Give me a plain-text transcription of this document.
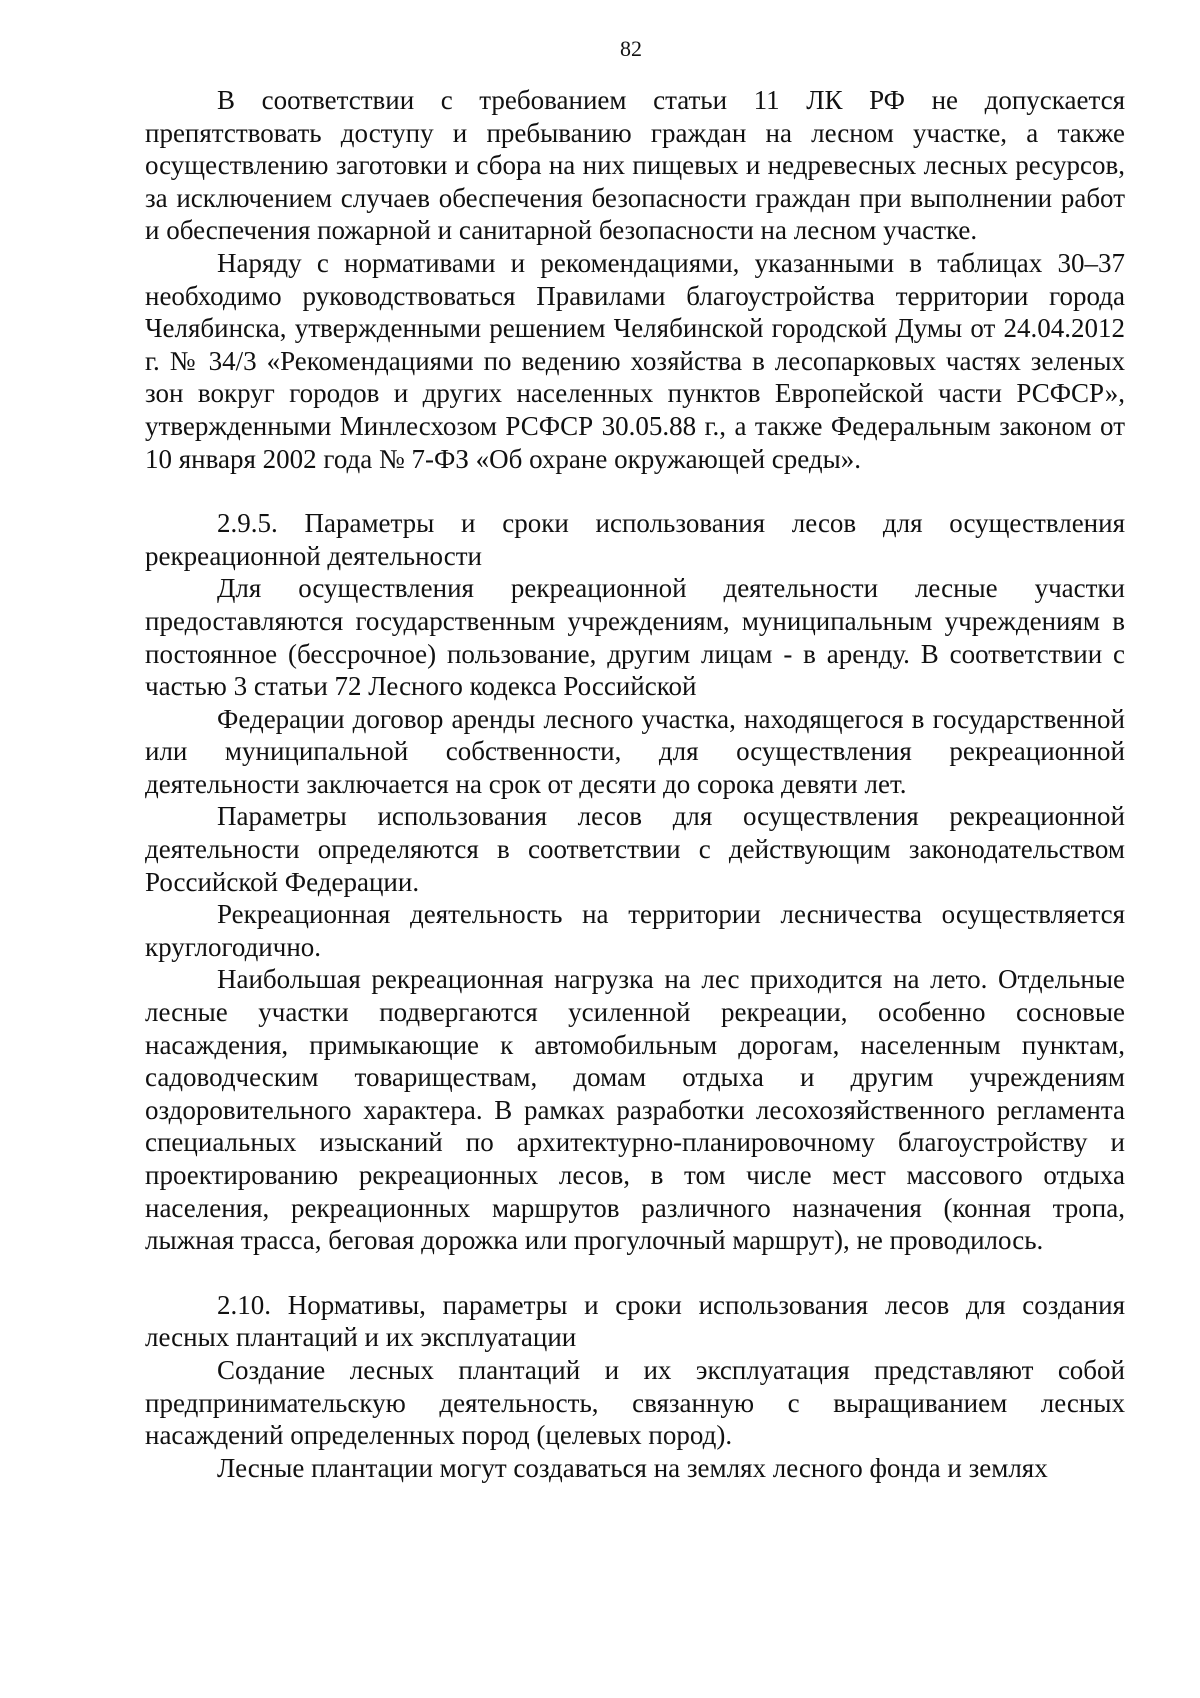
82

В соответствии с требованием статьи 11 ЛК РФ не допускается препятствовать доступу и пребыванию граждан на лесном участке, а также осуществлению заготовки и сбора на них пищевых и недревесных лесных ресурсов, за исключением случаев обеспечения безопасности граждан при выполнении работ и обеспечения пожарной и санитарной безопасности на лесном участке.

Наряду с нормативами и рекомендациями, указанными в таблицах 30–37 необходимо руководствоваться Правилами благоустройства территории города Челябинска, утвержденными решением Челябинской городской Думы от 24.04.2012 г. № 34/3 «Рекомендациями по ведению хозяйства в лесопарковых частях зеленых зон вокруг городов и других населенных пунктов Европейской части РСФСР», утвержденными Минлесхозом РСФСР 30.05.88 г., а также Федеральным законом от 10 января 2002 года № 7-ФЗ «Об охране окружающей среды».

2.9.5. Параметры и сроки использования лесов для осуществления рекреационной деятельности

Для осуществления рекреационной деятельности лесные участки предоставляются государственным учреждениям, муниципальным учреждениям в постоянное (бессрочное) пользование, другим лицам - в аренду. В соответствии с частью 3 статьи 72 Лесного кодекса Российской

Федерации договор аренды лесного участка, находящегося в государственной или муниципальной собственности, для осуществления рекреационной деятельности заключается на срок от десяти до сорока девяти лет.

Параметры использования лесов для осуществления рекреационной деятельности определяются в соответствии с действующим законодательством Российской Федерации.

Рекреационная деятельность на территории лесничества осуществляется круглогодично.

Наибольшая рекреационная нагрузка на лес приходится на лето. Отдельные лесные участки подвергаются усиленной рекреации, особенно сосновые насаждения, примыкающие к автомобильным дорогам, населенным пунктам, садоводческим товариществам, домам отдыха и другим учреждениям оздоровительного характера. В рамках разработки лесохозяйственного регламента специальных изысканий по архитектурно-планировочному благоустройству и проектированию рекреационных лесов, в том числе мест массового отдыха населения, рекреационных маршрутов различного назначения (конная тропа, лыжная трасса, беговая дорожка или прогулочный маршрут), не проводилось.

2.10. Нормативы, параметры и сроки использования лесов для создания лесных плантаций и их эксплуатации

Создание лесных плантаций и их эксплуатация представляют собой предпринимательскую деятельность, связанную с выращиванием лесных насаждений определенных пород (целевых пород).

Лесные плантации могут создаваться на землях лесного фонда и землях
